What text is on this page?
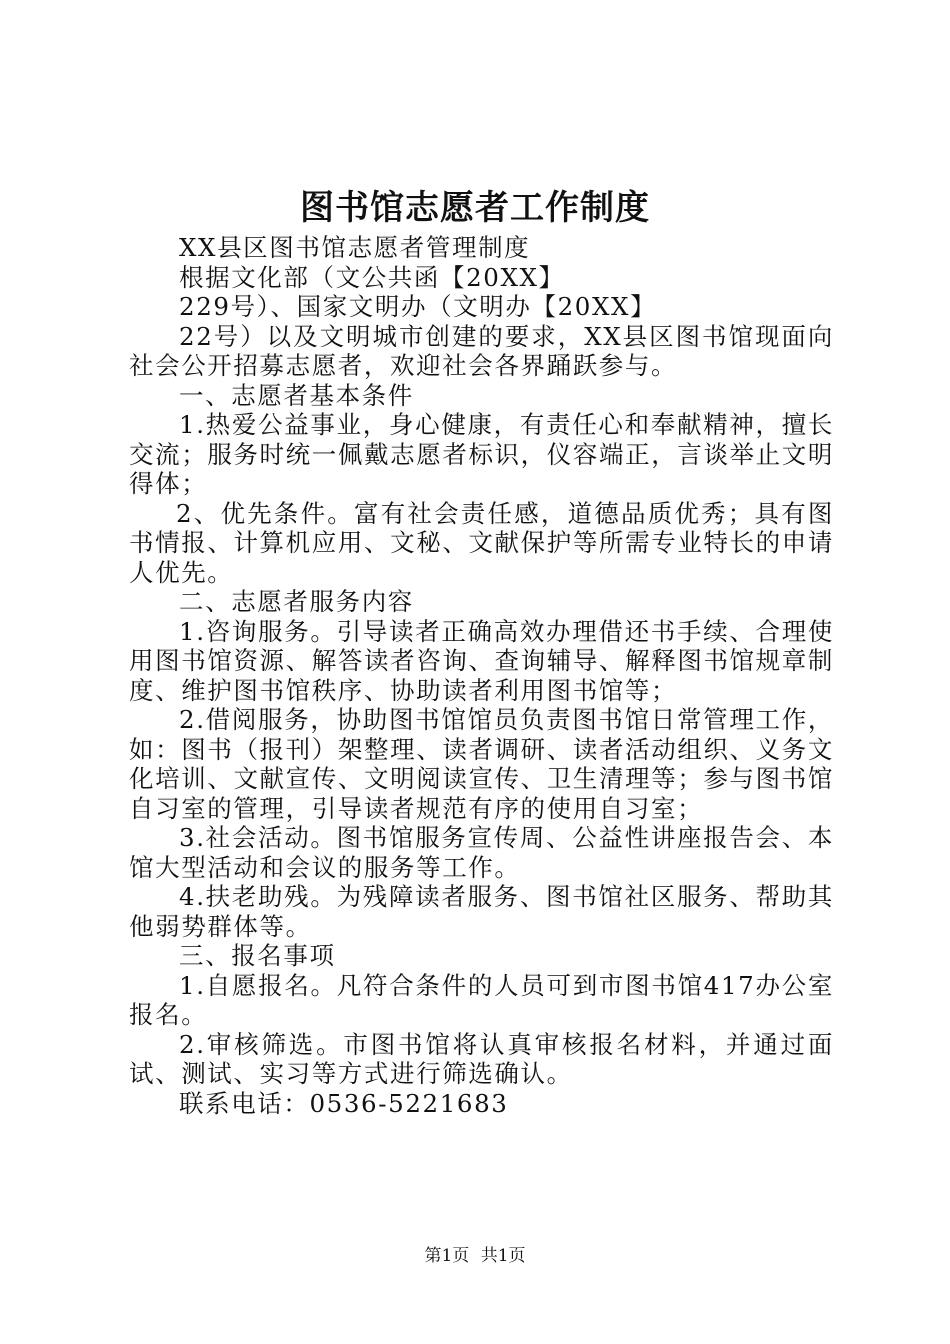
图书馆志愿者工作制度

XX县区图书馆志愿者管理制度

根据文化部（文公共函【20XX】

229号）、国家文明办（文明办【20XX】

22号）以及文明城市创建的要求，XX县区图书馆现面向社会公开招募志愿者，欢迎社会各界踊跃参与。

一、志愿者基本条件

1.热爱公益事业，身心健康，有责任心和奉献精神，擅长交流；服务时统一佩戴志愿者标识，仪容端正，言谈举止文明得体；

2、优先条件。富有社会责任感，道德品质优秀；具有图书情报、计算机应用、文秘、文献保护等所需专业特长的申请人优先。

二、志愿者服务内容

1.咨询服务。引导读者正确高效办理借还书手续、合理使用图书馆资源、解答读者咨询、查询辅导、解释图书馆规章制度、维护图书馆秩序、协助读者利用图书馆等；

2.借阅服务，协助图书馆馆员负责图书馆日常管理工作，如：图书（报刊）架整理、读者调研、读者活动组织、义务文化培训、文献宣传、文明阅读宣传、卫生清理等；参与图书馆自习室的管理，引导读者规范有序的使用自习室；

3.社会活动。图书馆服务宣传周、公益性讲座报告会、本馆大型活动和会议的服务等工作。

4.扶老助残。为残障读者服务、图书馆社区服务、帮助其他弱势群体等。

三、报名事项

1.自愿报名。凡符合条件的人员可到市图书馆417办公室报名。

2.审核筛选。市图书馆将认真审核报名材料，并通过面试、测试、实习等方式进行筛选确认。

联系电话：0536-5221683

第1页 共1页
